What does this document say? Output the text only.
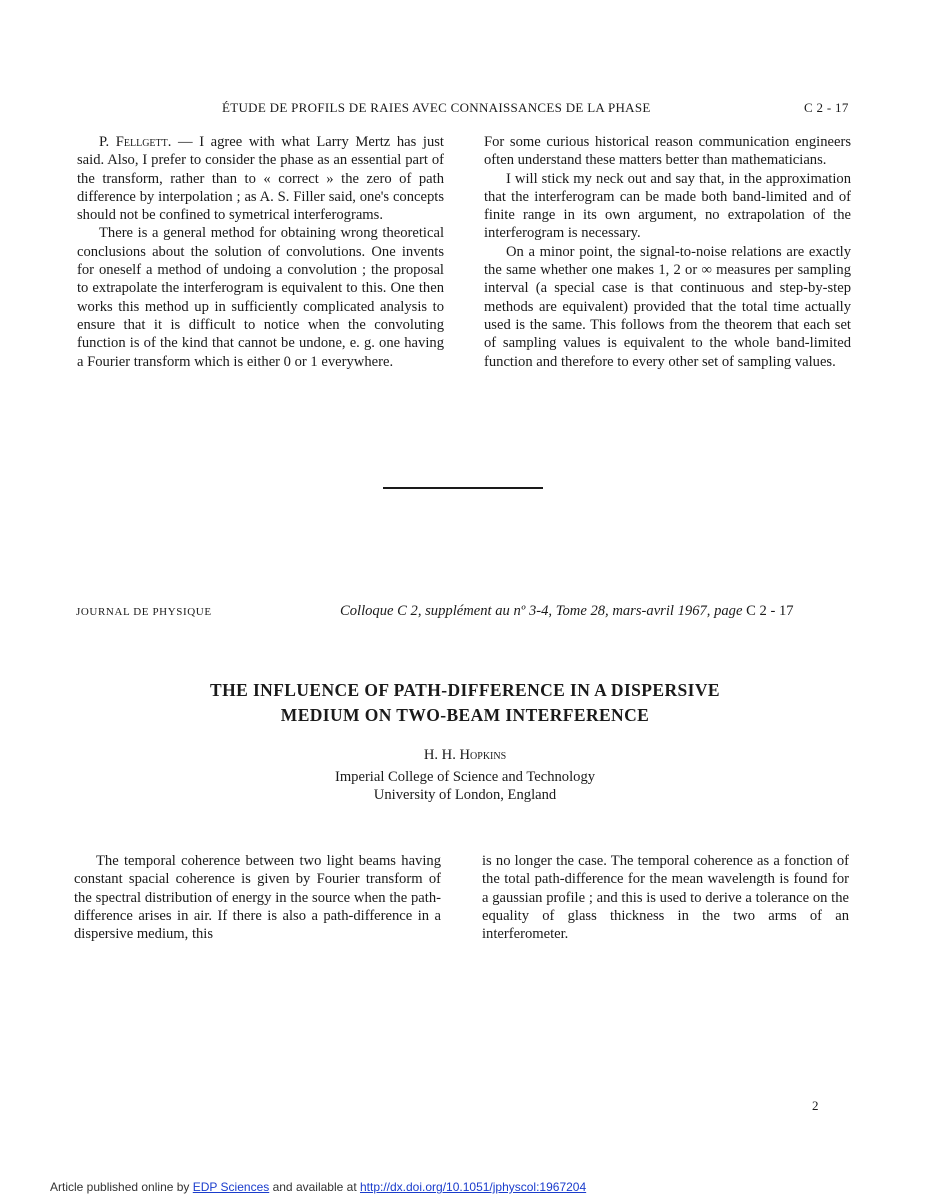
ÉTUDE DE PROFILS DE RAIES AVEC CONNAISSANCES DE LA PHASE	C 2 - 17

P. Fellgett. — I agree with what Larry Mertz has just said. Also, I prefer to consider the phase as an essential part of the transform, rather than to « correct » the zero of path difference by interpolation ; as A. S. Filler said, one's concepts should not be confined to symetrical interferograms.

There is a general method for obtaining wrong theoretical conclusions about the solution of convolutions. One invents for oneself a method of undoing a convolution ; the proposal to extrapolate the interferogram is equivalent to this. One then works this method up in sufficiently complicated analysis to ensure that it is difficult to notice when the convoluting function is of the kind that cannot be undone, e. g. one having a Fourier transform which is either 0 or 1 everywhere.

For some curious historical reason communication engineers often understand these matters better than mathematicians.

I will stick my neck out and say that, in the approximation that the interferogram can be made both band-limited and of finite range in its own argument, no extrapolation of the interferogram is necessary.

On a minor point, the signal-to-noise relations are exactly the same whether one makes 1, 2 or ∞ measures per sampling interval (a special case is that continuous and step-by-step methods are equivalent) provided that the total time actually used is the same. This follows from the theorem that each set of sampling values is equivalent to the whole band-limited function and therefore to every other set of sampling values.

JOURNAL DE PHYSIQUE	Colloque C 2, supplément au nº 3-4, Tome 28, mars-avril 1967, page C 2 - 17
THE INFLUENCE OF PATH-DIFFERENCE IN A DISPERSIVE
MEDIUM ON TWO-BEAM INTERFERENCE
H. H. Hopkins
Imperial College of Science and Technology
University of London, England

The temporal coherence between two light beams having constant spacial coherence is given by Fourier transform of the spectral distribution of energy in the source when the path-difference arises in air. If there is also a path-difference in a dispersive medium, this

is no longer the case. The temporal coherence as a fonction of the total path-difference for the mean wavelength is found for a gaussian profile ; and this is used to derive a tolerance on the equality of glass thickness in the two arms of an interferometer.

2
Article published online by EDP Sciences and available at http://dx.doi.org/10.1051/jphyscol:1967204
